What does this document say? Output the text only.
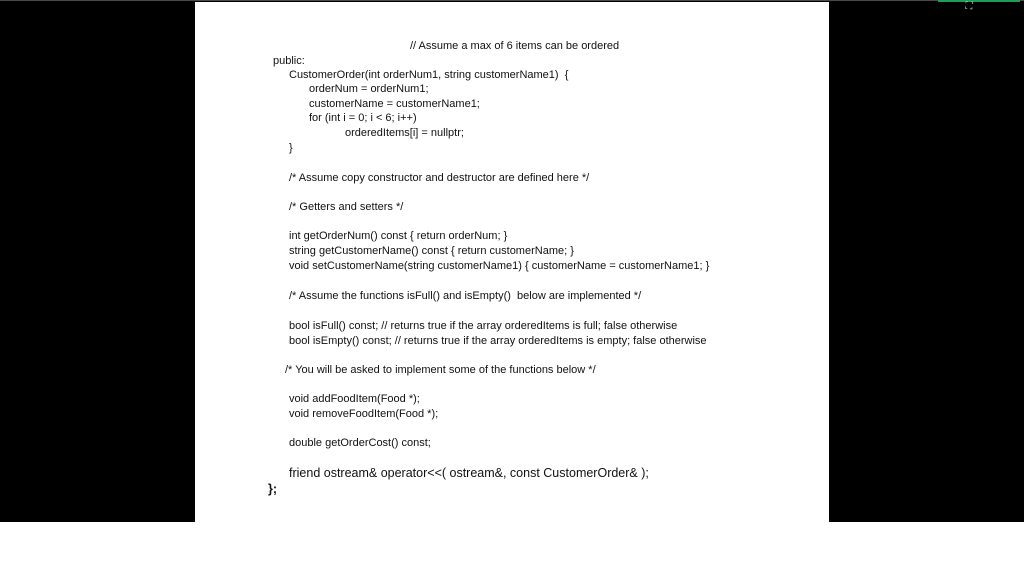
⛶
// Assume a max of 6 items can be ordered
public:
CustomerOrder(int orderNum1, string customerName1)  {
orderNum = orderNum1;
customerName = customerName1;
for (int i = 0; i < 6; i++)
orderedItems[i] = nullptr;
}
/* Assume copy constructor and destructor are defined here */
/* Getters and setters */
int getOrderNum() const { return orderNum; }
string getCustomerName() const { return customerName; }
void setCustomerName(string customerName1) { customerName = customerName1; }
/* Assume the functions isFull() and isEmpty()  below are implemented */
bool isFull() const; // returns true if the array orderedItems is full; false otherwise
bool isEmpty() const; // returns true if the array orderedItems is empty; false otherwise
/* You will be asked to implement some of the functions below */
void addFoodItem(Food *);
void removeFoodItem(Food *);
double getOrderCost() const;
friend ostream& operator<<( ostream&, const CustomerOrder& );
};
